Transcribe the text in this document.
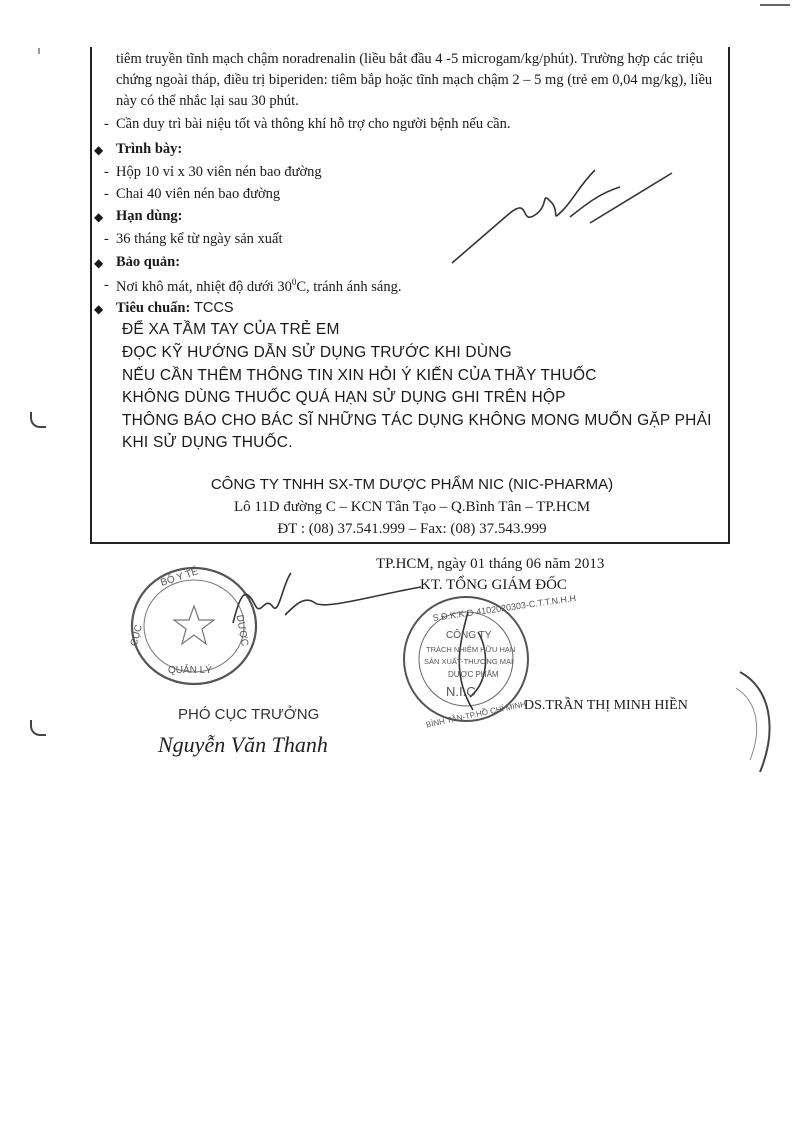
tiêm truyền tĩnh mạch chậm noradrenalin (liều bắt đầu 4 -5 microgam/kg/phút). Trường hợp các triệu chứng ngoài tháp, điều trị biperiden: tiêm bắp hoặc tĩnh mạch chậm 2 – 5 mg (trẻ em 0,04 mg/kg), liều này có thể nhắc lại sau 30 phút.
- Cần duy trì bài niệu tốt và thông khí hỗ trợ cho người bệnh nếu cần.
◆ Trình bày:
- Hộp 10 vỉ x 30 viên nén bao đường
- Chai 40 viên nén bao đường
◆ Hạn dùng:
- 36 tháng kể từ ngày sản xuất
◆ Bảo quản:
- Nơi khô mát, nhiệt độ dưới $30^0C$, tránh ánh sáng.
◆ Tiêu chuẩn: TCCS
ĐỂ XA TẦM TAY CỦA TRẺ EM
ĐỌC KỸ HƯỚNG DẪN SỬ DỤNG TRƯỚC KHI DÙNG
NẾU CẦN THÊM THÔNG TIN XIN HỎI Ý KIẾN CỦA THẦY THUỐC
KHÔNG DÙNG THUỐC QUÁ HẠN SỬ DỤNG GHI TRÊN HỘP
THÔNG BÁO CHO BÁC SĨ NHỮNG TÁC DỤNG KHÔNG MONG MUỐN GẶP PHẢI
KHI SỬ DỤNG THUỐC.
CÔNG TY TNHH SX-TM DƯỢC PHẨM NIC (NIC-PHARMA)
Lô 11D đường C – KCN Tân Tạo – Q.Bình Tân – TP.HCM
ĐT : (08) 37.541.999 – Fax: (08) 37.543.999
TP.HCM, ngày 01 tháng 06 năm 2013
KT. TỔNG GIÁM ĐỐC
BỘ Y TẾ
CỤC
QUẢN LÝ
DƯỢC
PHÓ CỤC TRƯỞNG
Nguyễn Văn Thanh
S.Đ.K.K.D-4102020303-C.T.T.N.H.H
BÌNH TÂN-TP.HỒ CHÍ MINH
CÔNG TY
TRÁCH NHIỆM HỮU HẠN
SẢN XUẤT-THƯƠNG MẠI
DƯỢC PHẨM
N.I.C
DS.TRẦN THỊ MINH HIỀN
